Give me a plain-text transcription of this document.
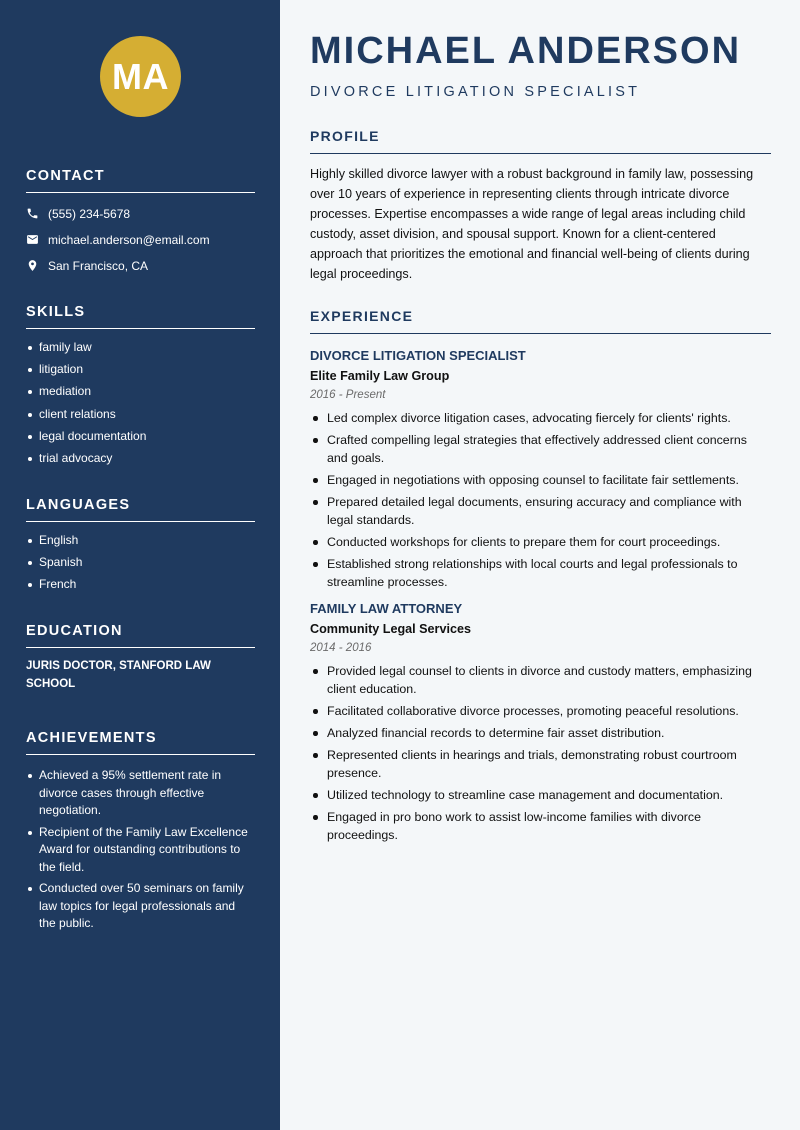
MA
CONTACT
(555) 234-5678
michael.anderson@email.com
San Francisco, CA
SKILLS
family law
litigation
mediation
client relations
legal documentation
trial advocacy
LANGUAGES
English
Spanish
French
EDUCATION
JURIS DOCTOR, STANFORD LAW SCHOOL
ACHIEVEMENTS
Achieved a 95% settlement rate in divorce cases through effective negotiation.
Recipient of the Family Law Excellence Award for outstanding contributions to the field.
Conducted over 50 seminars on family law topics for legal professionals and the public.
MICHAEL ANDERSON
DIVORCE LITIGATION SPECIALIST
PROFILE

Highly skilled divorce lawyer with a robust background in family law, possessing over 10 years of experience in representing clients through intricate divorce processes. Expertise encompasses a wide range of legal areas including child custody, asset division, and spousal support. Known for a client-centered approach that prioritizes the emotional and financial well-being of clients during legal proceedings.

EXPERIENCE
DIVORCE LITIGATION SPECIALIST
Elite Family Law Group
2016 - Present
Led complex divorce litigation cases, advocating fiercely for clients' rights.
Crafted compelling legal strategies that effectively addressed client concerns and goals.
Engaged in negotiations with opposing counsel to facilitate fair settlements.
Prepared detailed legal documents, ensuring accuracy and compliance with legal standards.
Conducted workshops for clients to prepare them for court proceedings.
Established strong relationships with local courts and legal professionals to streamline processes.
FAMILY LAW ATTORNEY
Community Legal Services
2014 - 2016
Provided legal counsel to clients in divorce and custody matters, emphasizing client education.
Facilitated collaborative divorce processes, promoting peaceful resolutions.
Analyzed financial records to determine fair asset distribution.
Represented clients in hearings and trials, demonstrating robust courtroom presence.
Utilized technology to streamline case management and documentation.
Engaged in pro bono work to assist low-income families with divorce proceedings.
